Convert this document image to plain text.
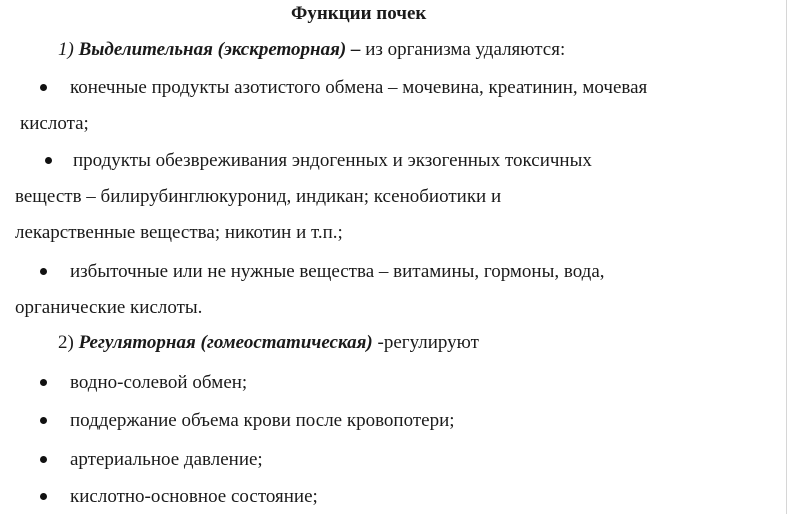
Функции почек
1) Выделительная (экскреторная) – из организма удаляются:
конечные продукты азотистого обмена – мочевина, креатинин, мочевая
кислота;
продукты обезвреживания эндогенных и экзогенных токсичных
веществ – билирубинглюкуронид, индикан; ксенобиотики и
лекарственные вещества; никотин и т.п.;
избыточные или не нужные вещества – витамины, гормоны, вода,
органические кислоты.
2) Регуляторная (гомеостатическая) -регулируют
водно-солевой обмен;
поддержание объема крови после кровопотери;
артериальное давление;
кислотно-основное состояние;
